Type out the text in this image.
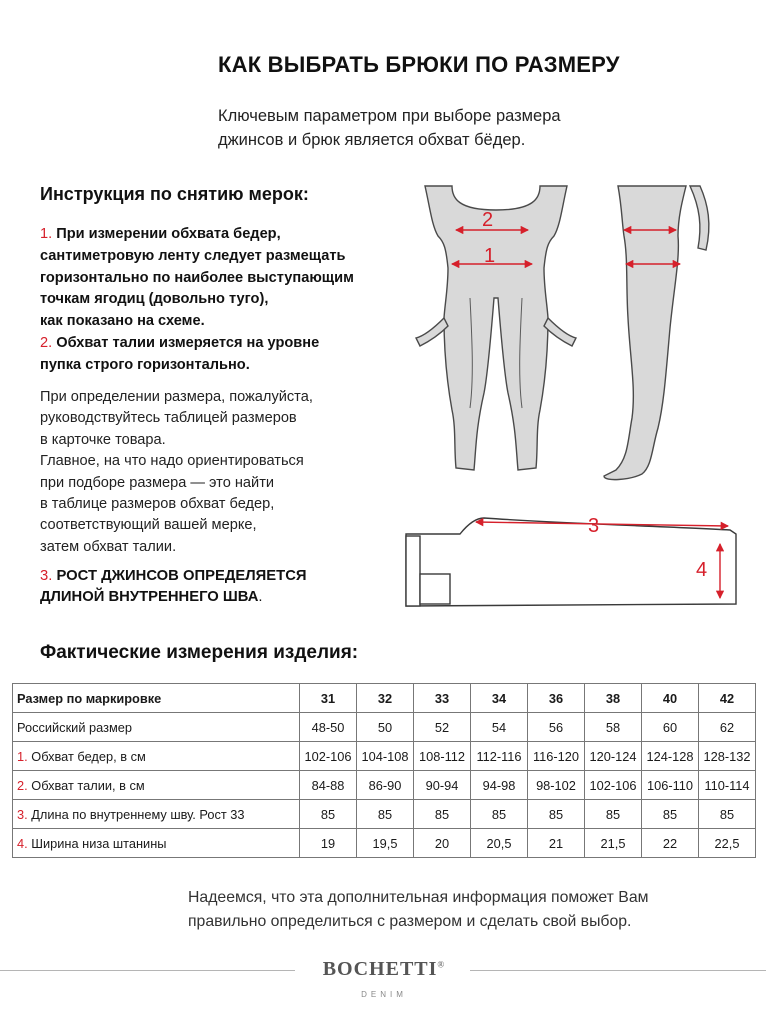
КАК ВЫБРАТЬ БРЮКИ ПО РАЗМЕРУ
Ключевым параметром при выборе размера
джинсов и брюк является обхват бёдер.
Инструкция по снятию мерок:
1. При измерении обхвата бедер,
сантиметровую ленту следует размещать
горизонтально по наиболее выступающим
точкам ягодиц (довольно туго),
как показано на схеме.
2. Обхват талии измеряется на уровне
пупка строго горизонтально.
При определении размера, пожалуйста,
руководствуйтесь таблицей размеров
в карточке товара.
Главное, на что надо ориентироваться
при подборе размера — это найти
в таблице размеров обхват бедер,
соответствующий вашей мерке,
затем обхват талии.
3. РОСТ ДЖИНСОВ ОПРЕДЕЛЯЕТСЯ
ДЛИНОЙ ВНУТРЕННЕГО ШВА.
2
1
3
4
Фактические измерения изделия:
Размер по маркировке	31	32	33	34	36	38	40	42
Российский размер	48-50	50	52	54	56	58	60	62
1. Обхват бедер, в см	102-106	104-108	108-112	112-116	116-120	120-124	124-128	128-132
2. Обхват талии, в см	84-88	86-90	90-94	94-98	98-102	102-106	106-110	110-114
3. Длина по внутреннему шву. Рост 33	85	85	85	85	85	85	85	85
4. Ширина низа штанины	19	19,5	20	20,5	21	21,5	22	22,5
Надеемся, что эта дополнительная информация поможет Вам
правильно определиться с размером и сделать свой выбор.
BOCHETTI®
DENIM
